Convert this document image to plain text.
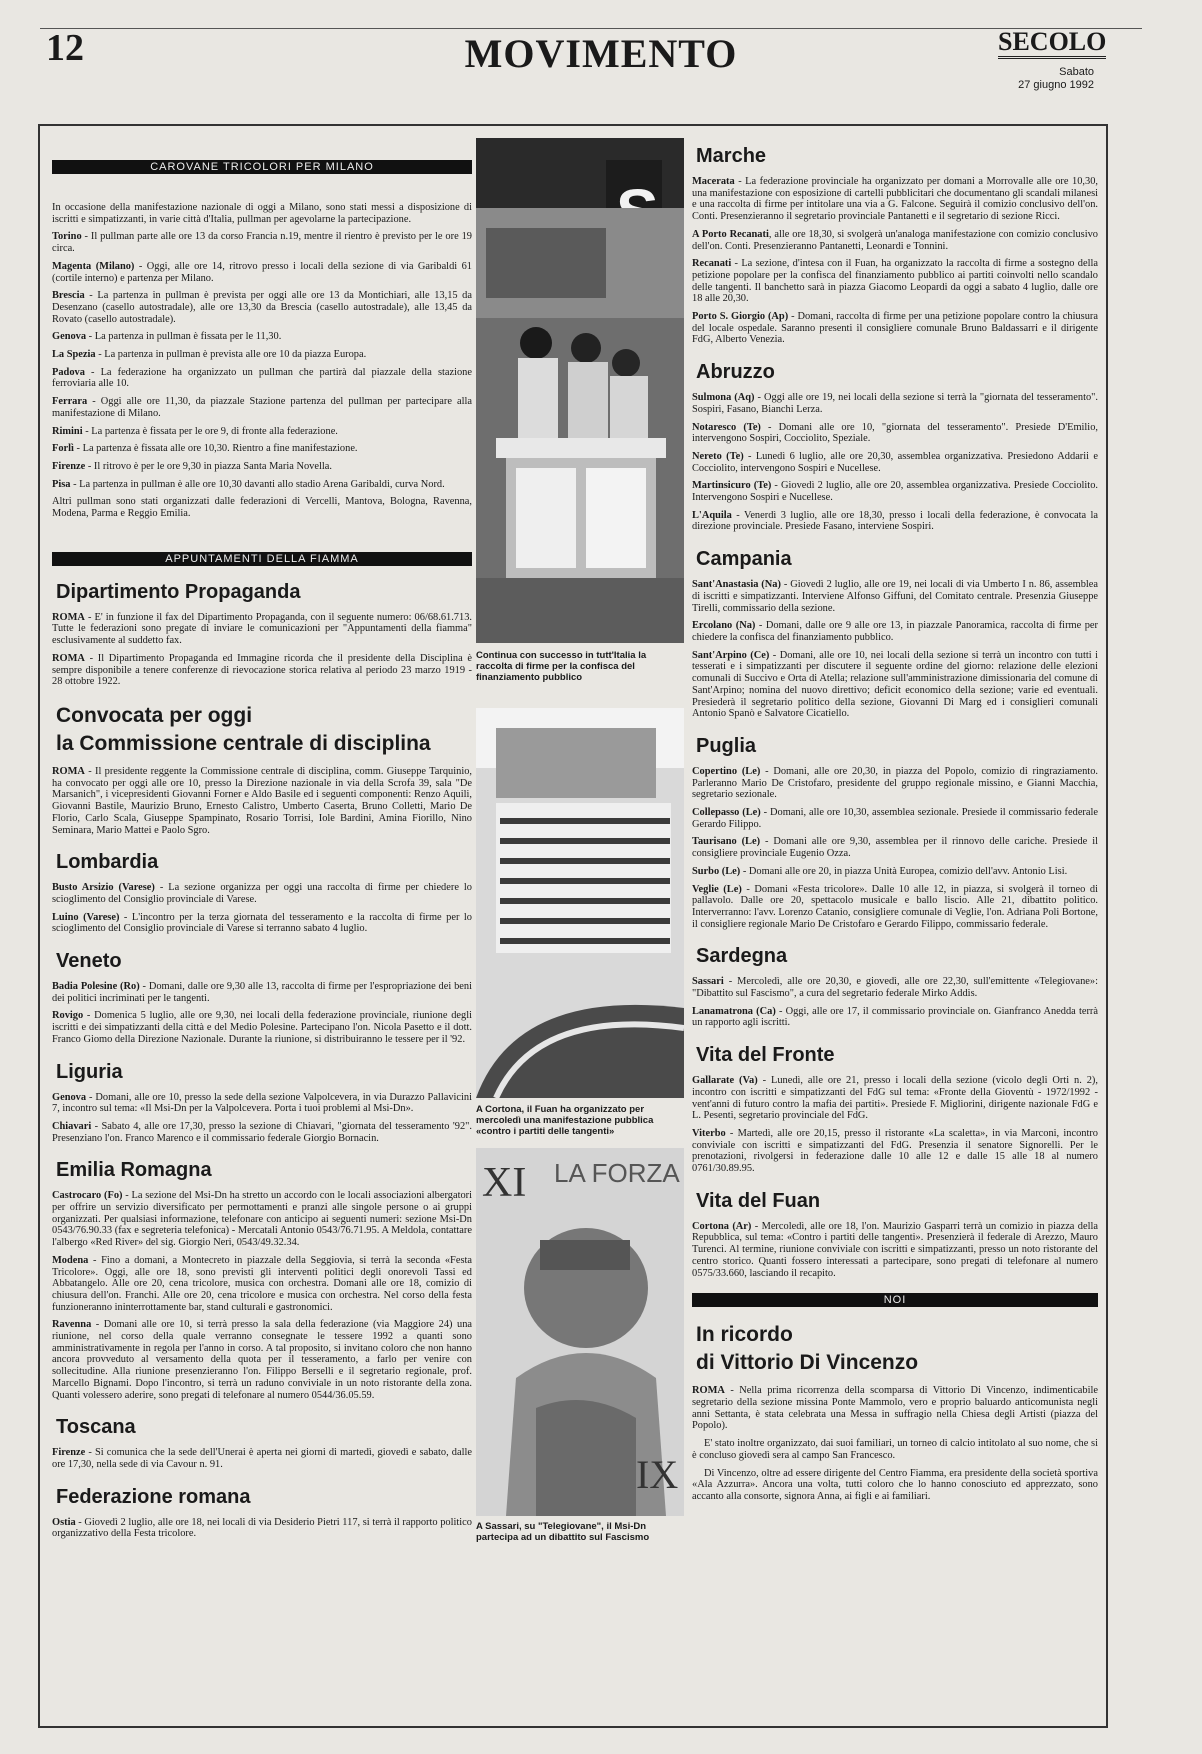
12	MOVIMENTO	SECOLO
Sabato
27 giugno 1992
CAROVANE TRICOLORI PER MILANO

In occasione della manifestazione nazionale di oggi a Milano, sono stati messi a disposizione di iscritti e simpatizzanti, in varie città d'Italia, pullman per agevolarne la partecipazione.

Torino - Il pullman parte alle ore 13 da corso Francia n.19, mentre il rientro è previsto per le ore 19 circa.

Magenta (Milano) - Oggi, alle ore 14, ritrovo presso i locali della sezione di via Garibaldi 61 (cortile interno) e partenza per Milano.

Brescia - La partenza in pullman è prevista per oggi alle ore 13 da Montichiari, alle 13,15 da Desenzano (casello autostradale), alle ore 13,30 da Brescia (casello autostradale), alle 13,45 da Rovato (casello autostradale).

Genova - La partenza in pullman è fissata per le 11,30.

La Spezia - La partenza in pullman è prevista alle ore 10 da piazza Europa.

Padova - La federazione ha organizzato un pullman che partirà dal piazzale della stazione ferroviaria alle 10.

Ferrara - Oggi alle ore 11,30, da piazzale Stazione partenza del pullman per partecipare alla manifestazione di Milano.

Rimini - La partenza è fissata per le ore 9, di fronte alla federazione.

Forlì - La partenza è fissata alle ore 10,30. Rientro a fine manifestazione.

Firenze - Il ritrovo è per le ore 9,30 in piazza Santa Maria Novella.

Pisa - La partenza in pullman è alle ore 10,30 davanti allo stadio Arena Garibaldi, curva Nord.

Altri pullman sono stati organizzati dalle federazioni di Vercelli, Mantova, Bologna, Ravenna, Modena, Parma e Reggio Emilia.

APPUNTAMENTI DELLA FIAMMA
Dipartimento Propaganda

ROMA - E' in funzione il fax del Dipartimento Propaganda, con il seguente numero: 06/68.61.713. Tutte le federazioni sono pregate di inviare le comunicazioni per "Appuntamenti della fiamma" esclusivamente al suddetto fax.

ROMA - Il Dipartimento Propaganda ed Immagine ricorda che il presidente della Disciplina è sempre disponibile a tenere conferenze di rievocazione storica relativa al periodo 23 marzo 1919 - 28 ottobre 1922.

Convocata per oggi
la Commissione centrale di disciplina

ROMA - Il presidente reggente la Commissione centrale di disciplina, comm. Giuseppe Tarquinio, ha convocato per oggi alle ore 10, presso la Direzione nazionale in via della Scrofa 39, sala "De Marsanich", i vicepresidenti Giovanni Forner e Aldo Basile ed i seguenti componenti: Renzo Aquili, Giovanni Bastile, Maurizio Bruno, Ernesto Calistro, Umberto Caserta, Bruno Colletti, Mario De Florio, Carlo Scala, Giuseppe Spampinato, Rosario Torrisi, Iole Bardini, Amina Fiorillo, Nino Seminara, Mario Mattei e Paolo Sgro.

Lombardia

Busto Arsizio (Varese) - La sezione organizza per oggi una raccolta di firme per chiedere lo scioglimento del Consiglio provinciale di Varese.

Luino (Varese) - L'incontro per la terza giornata del tesseramento e la raccolta di firme per lo scioglimento del Consiglio provinciale di Varese si terranno sabato 4 luglio.

Veneto

Badia Polesine (Ro) - Domani, dalle ore 9,30 alle 13, raccolta di firme per l'espropriazione dei beni dei politici incriminati per le tangenti.

Rovigo - Domenica 5 luglio, alle ore 9,30, nei locali della federazione provinciale, riunione degli iscritti e dei simpatizzanti della città e del Medio Polesine. Partecipano l'on. Nicola Pasetto e il dott. Franco Giomo della Direzione Nazionale. Durante la riunione, si distribuiranno le tessere per il '92.

Liguria

Genova - Domani, alle ore 10, presso la sede della sezione Valpolcevera, in via Durazzo Pallavicini 7, incontro sul tema: «Il Msi-Dn per la Valpolcevera. Porta i tuoi problemi al Msi-Dn».

Chiavari - Sabato 4, alle ore 17,30, presso la sezione di Chiavari, "giornata del tesseramento '92". Presenziano l'on. Franco Marenco e il commissario federale Giorgio Bornacin.

Emilia Romagna

Castrocaro (Fo) - La sezione del Msi-Dn ha stretto un accordo con le locali associazioni albergatori per offrire un servizio diversificato per permottamenti e pranzi alle singole persone o ai gruppi organizzati. Per qualsiasi informazione, telefonare con anticipo ai seguenti numeri: sezione Msi-Dn 0543/76.90.33 (fax e segreteria telefonica) - Mercatali Antonio 0543/76.71.95. A Meldola, contattare l'albergo «Red River» del sig. Giorgio Neri, 0543/49.32.34.

Modena - Fino a domani, a Montecreto in piazzale della Seggiovia, si terrà la seconda «Festa Tricolore». Oggi, alle ore 18, sono previsti gli interventi politici degli onorevoli Tassi ed Abbatangelo. Alle ore 20, cena tricolore, musica con orchestra. Domani alle ore 18, comizio di chiusura dell'on. Franchi. Alle ore 20, cena tricolore e musica con orchestra. Nel corso della festa funzioneranno ininterrottamente bar, stand culturali e gastronomici.

Ravenna - Domani alle ore 10, si terrà presso la sala della federazione (via Maggiore 24) una riunione, nel corso della quale verranno consegnate le tessere 1992 a quanti sono amministrativamente in regola per l'anno in corso. A tal proposito, si invitano coloro che non hanno ancora provveduto al versamento della quota per il tesseramento, a farlo per venire con sollecitudine. Alla riunione presenzieranno l'on. Filippo Berselli e il segretario regionale, prof. Marcello Bignami. Dopo l'incontro, si terrà un raduno conviviale in un noto ristorante della zona. Quanti volessero aderire, sono pregati di telefonare al numero 0544/36.05.59.

Toscana

Firenze - Si comunica che la sede dell'Unerai è aperta nei giorni di martedì, giovedì e sabato, dalle ore 17,30, nella sede di via Cavour n. 91.

Federazione romana

Ostia - Giovedì 2 luglio, alle ore 18, nei locali di via Desiderio Pietri 117, si terrà il rapporto politico organizzativo della Festa tricolore.

Continua con successo in tutt'Italia la raccolta di firme per la confisca del finanziamento pubblico
A Cortona, il Fuan ha organizzato per mercoledì una manifestazione pubblica «contro i partiti delle tangenti»
XI LA FORZA
IX
A Sassari, su "Telegiovane", il Msi-Dn partecipa ad un dibattito sul Fascismo
Marche

Macerata - La federazione provinciale ha organizzato per domani a Morrovalle alle ore 10,30, una manifestazione con esposizione di cartelli pubblicitari che documentano gli scandali milanesi e una raccolta di firme per intitolare una via a G. Falcone. Seguirà il comizio conclusivo dell'on. Conti. Presenzieranno il segretario provinciale Pantanetti e il segretario di sezione Ricci.

A Porto Recanati, alle ore 18,30, si svolgerà un'analoga manifestazione con comizio conclusivo dell'on. Conti. Presenzieranno Pantanetti, Leonardi e Tonnini.

Recanati - La sezione, d'intesa con il Fuan, ha organizzato la raccolta di firme a sostegno della petizione popolare per la confisca del finanziamento pubblico ai partiti coinvolti nello scandalo delle tangenti. Il banchetto sarà in piazza Giacomo Leopardi da oggi a sabato 4 luglio, dalle ore 18 alle 20,30.

Porto S. Giorgio (Ap) - Domani, raccolta di firme per una petizione popolare contro la chiusura del locale ospedale. Saranno presenti il consigliere comunale Bruno Baldassarri e il dirigente FdG, Alberto Venezia.

Abruzzo

Sulmona (Aq) - Oggi alle ore 19, nei locali della sezione si terrà la "giornata del tesseramento". Sospiri, Fasano, Bianchi Lerza.

Notaresco (Te) - Domani alle ore 10, "giornata del tesseramento". Presiede D'Emilio, intervengono Sospiri, Cocciolito, Speziale.

Nereto (Te) - Lunedì 6 luglio, alle ore 20,30, assemblea organizzativa. Presiedono Addarii e Cocciolito, intervengono Sospiri e Nucellese.

Martinsicuro (Te) - Giovedì 2 luglio, alle ore 20, assemblea organizzativa. Presiede Cocciolito. Intervengono Sospiri e Nucellese.

L'Aquila - Venerdì 3 luglio, alle ore 18,30, presso i locali della federazione, è convocata la direzione provinciale. Presiede Fasano, interviene Sospiri.

Campania

Sant'Anastasia (Na) - Giovedì 2 luglio, alle ore 19, nei locali di via Umberto I n. 86, assemblea di iscritti e simpatizzanti. Interviene Alfonso Giffuni, del Comitato centrale. Presenzia Giuseppe Tirelli, commissario della sezione.

Ercolano (Na) - Domani, dalle ore 9 alle ore 13, in piazzale Panoramica, raccolta di firme per chiedere la confisca del finanziamento pubblico.

Sant'Arpino (Ce) - Domani, alle ore 10, nei locali della sezione si terrà un incontro con tutti i tesserati e i simpatizzanti per discutere il seguente ordine del giorno: relazione delle elezioni comunali di Succivo e Orta di Atella; relazione sull'amministrazione dimissionaria del comune di Sant'Arpino; nomina del nuovo direttivo; deficit economico della sezione; varie ed eventuali. Presiederà il segretario politico della sezione, Giovanni Di Marg ed i consiglieri comunali Antonio Spanò e Salvatore Cicatiello.

Puglia

Copertino (Le) - Domani, alle ore 20,30, in piazza del Popolo, comizio di ringraziamento. Parleranno Mario De Cristofaro, presidente del gruppo regionale missino, e Gianni Macchia, segretario sezionale.

Collepasso (Le) - Domani, alle ore 10,30, assemblea sezionale. Presiede il commissario federale Gerardo Filippo.

Taurisano (Le) - Domani alle ore 9,30, assemblea per il rinnovo delle cariche. Presiede il consigliere provinciale Eugenio Ozza.

Surbo (Le) - Domani alle ore 20, in piazza Unità Europea, comizio dell'avv. Antonio Lisi.

Veglie (Le) - Domani «Festa tricolore». Dalle 10 alle 12, in piazza, si svolgerà il torneo di pallavolo. Dalle ore 20, spettacolo musicale e ballo liscio. Alle 21, dibattito politico. Interverranno: l'avv. Lorenzo Catanio, consigliere comunale di Veglie, l'on. Adriana Poli Bortone, il consigliere regionale Mario De Cristofaro e Gerardo Filippo, commissario federale.

Sardegna

Sassari - Mercoledì, alle ore 20,30, e giovedì, alle ore 22,30, sull'emittente «Telegiovane»: "Dibattito sul Fascismo", a cura del segretario federale Mirko Addis.

Lanamatrona (Ca) - Oggi, alle ore 17, il commissario provinciale on. Gianfranco Anedda terrà un rapporto agli iscritti.

Vita del Fronte

Gallarate (Va) - Lunedì, alle ore 21, presso i locali della sezione (vicolo degli Orti n. 2), incontro con iscritti e simpatizzanti del FdG sul tema: «Fronte della Gioventù - 1972/1992 - vent'anni di futuro contro la mafia dei partiti». Presiede F. Migliorini, dirigente nazionale FdG e L. Pesenti, segretario provinciale del FdG.

Viterbo - Martedì, alle ore 20,15, presso il ristorante «La scaletta», in via Marconi, incontro conviviale con iscritti e simpatizzanti del FdG. Presenzia il senatore Signorelli. Per le prenotazioni, rivolgersi in federazione dalle 10 alle 12 e dalle 15 alle 18 al numero 0761/30.89.95.

Vita del Fuan

Cortona (Ar) - Mercoledì, alle ore 18, l'on. Maurizio Gasparri terrà un comizio in piazza della Repubblica, sul tema: «Contro i partiti delle tangenti». Presenzierà il federale di Arezzo, Mauro Turenci. Al termine, riunione conviviale con iscritti e simpatizzanti, presso un noto ristorante del centro storico. Quanti fossero interessati a partecipare, sono pregati di telefonare al numero 0575/33.660, lasciando il recapito.

NOI
In ricordo
di Vittorio Di Vincenzo

ROMA - Nella prima ricorrenza della scomparsa di Vittorio Di Vincenzo, indimenticabile segretario della sezione missina Ponte Mammolo, vero e proprio baluardo anticomunista negli anni Settanta, è stata celebrata una Messa in suffragio nella Chiesa degli Artisti (piazza del Popolo).

E' stato inoltre organizzato, dai suoi familiari, un torneo di calcio intitolato al suo nome, che si è concluso giovedì sera al campo San Francesco.

Di Vincenzo, oltre ad essere dirigente del Centro Fiamma, era presidente della società sportiva «Ala Azzurra». Ancora una volta, tutti coloro che lo hanno conosciuto ed apprezzato, sono accanto alla consorte, signora Anna, ai figli e ai familiari.
